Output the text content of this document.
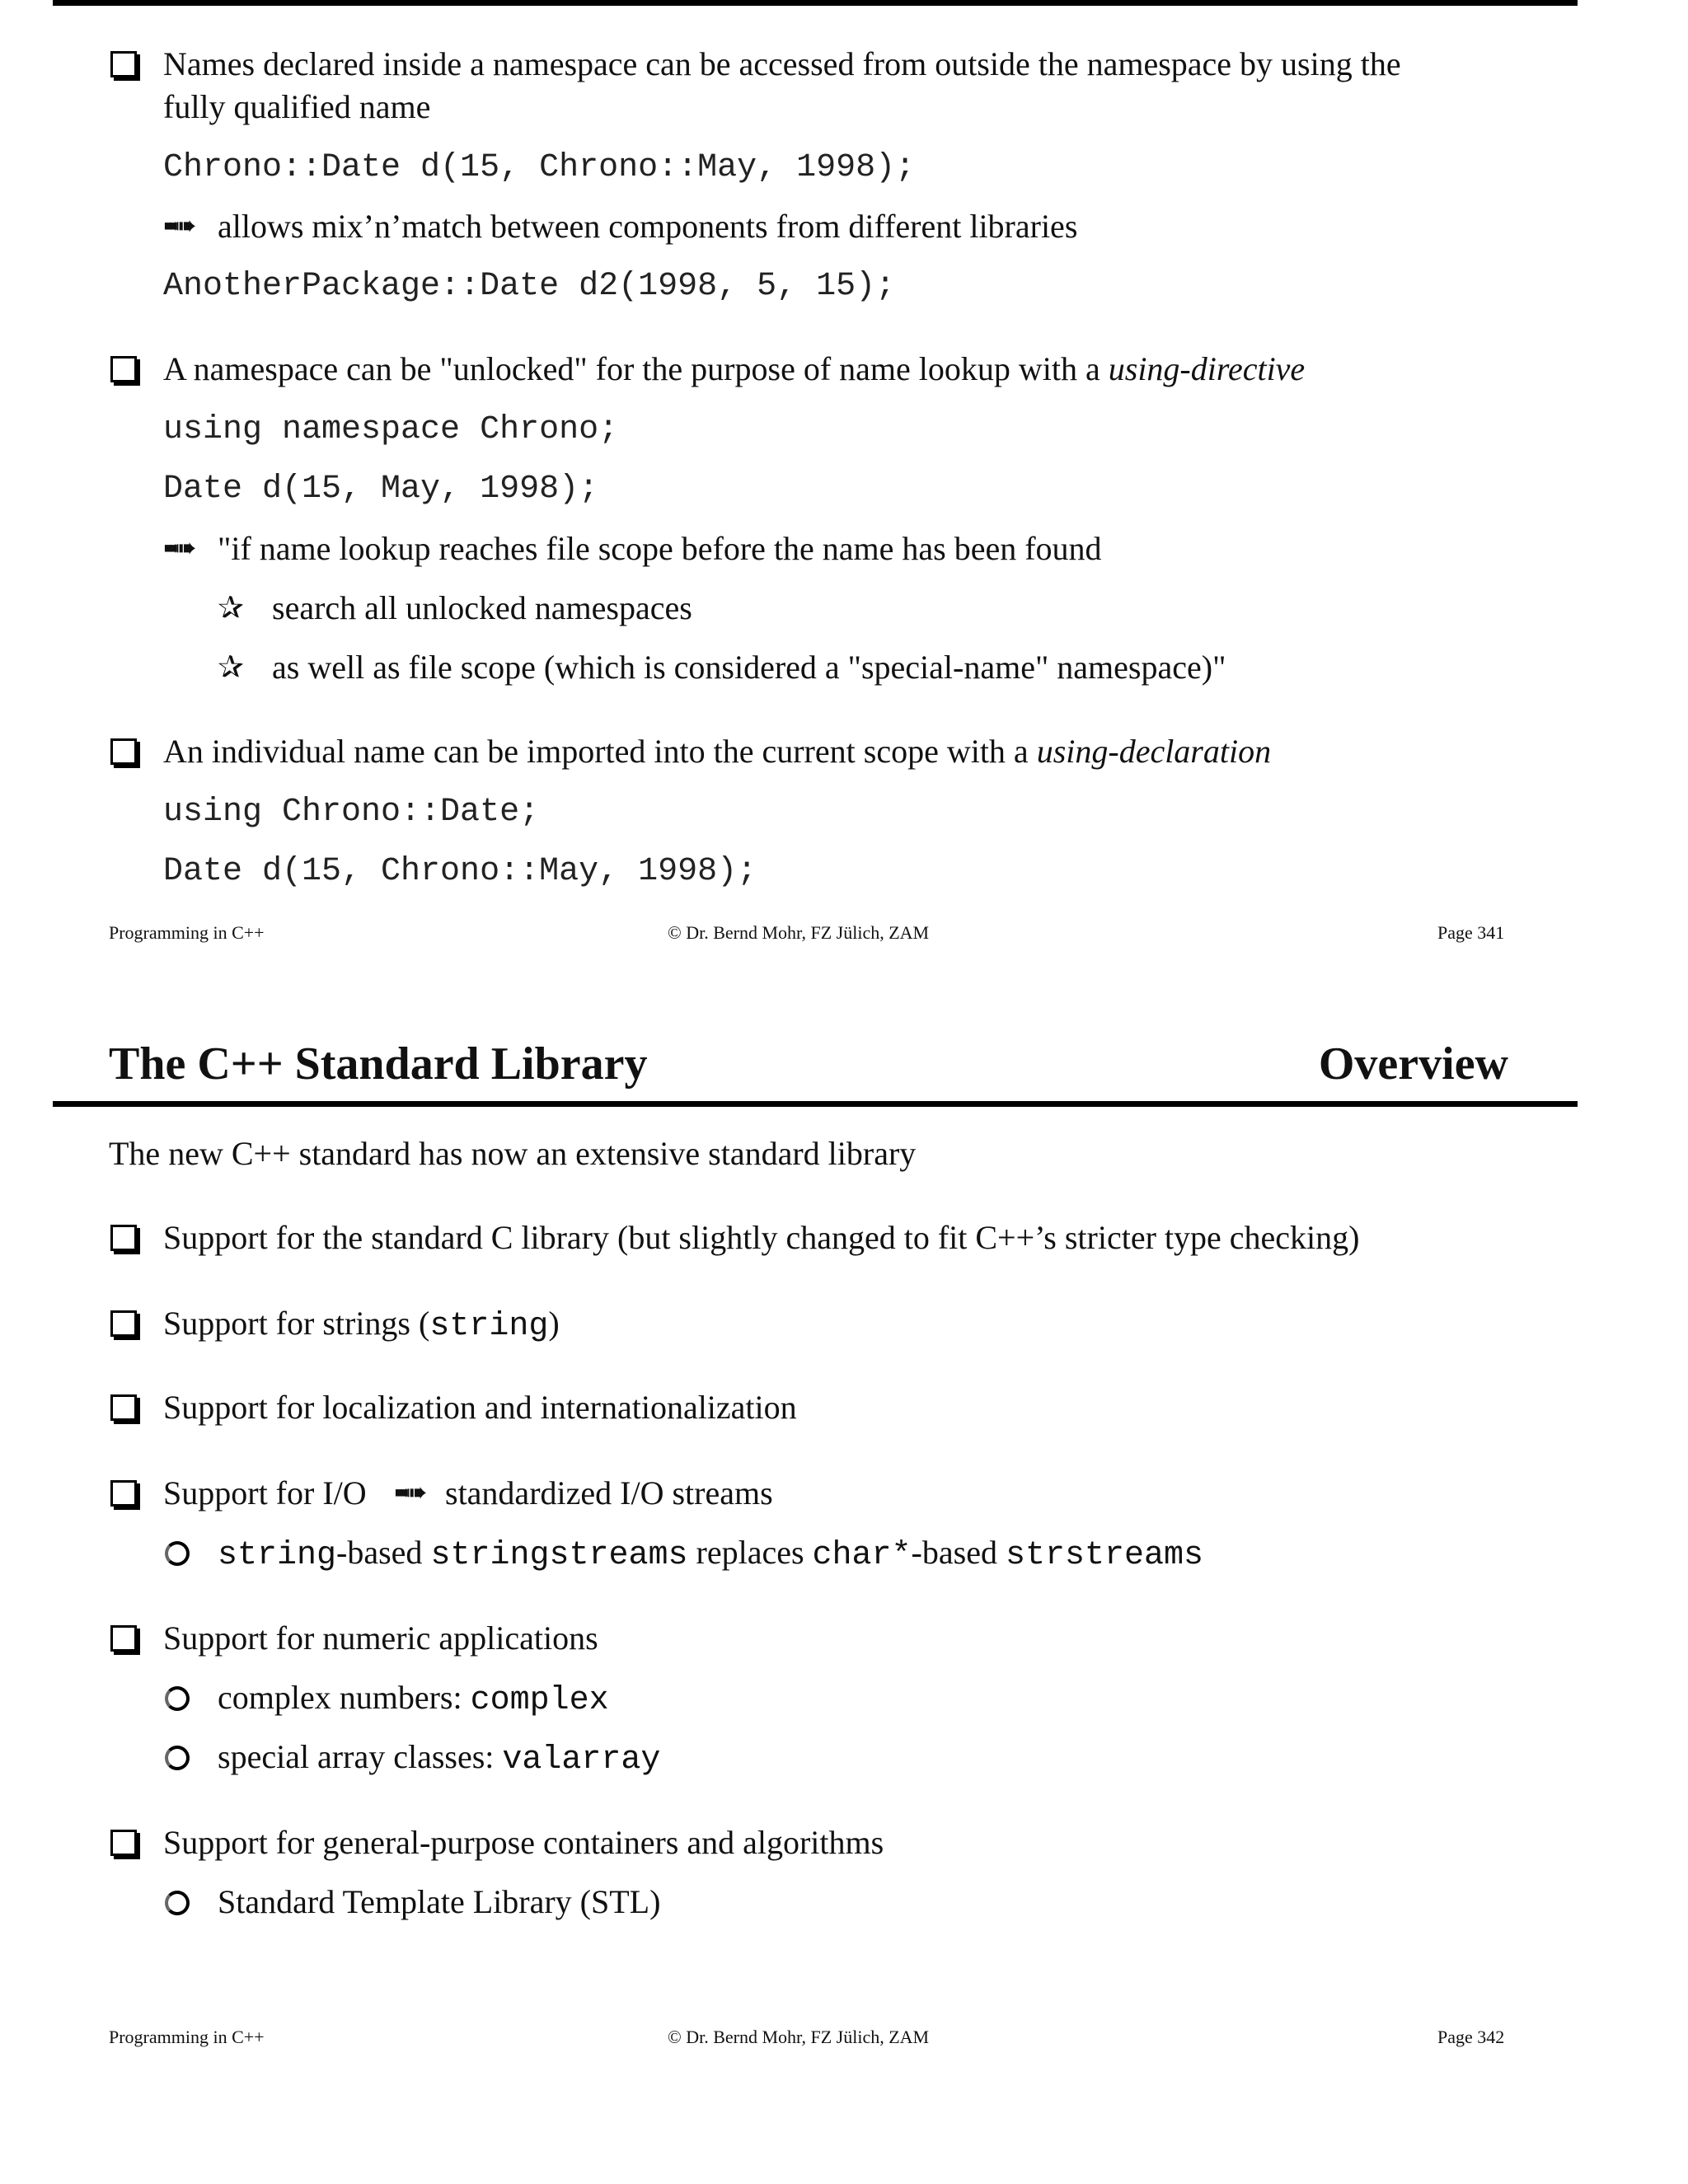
Names declared inside a namespace can be accessed from outside the namespace by using the
fully qualified name
Chrono::Date d(15, Chrono::May, 1998);
▪▪➠ allows mix’n’match between components from different libraries
AnotherPackage::Date d2(1998, 5, 15);
A namespace can be "unlocked" for the purpose of name lookup with a using-directive
using namespace Chrono;
Date d(15, May, 1998);
▪▪➠ "if name lookup reaches file scope before the name has been found
✰ search all unlocked namespaces
✰ as well as file scope (which is considered a "special-name" namespace)"
An individual name can be imported into the current scope with a using-declaration
using Chrono::Date;
Date d(15, Chrono::May, 1998);
Programming in C++	© Dr. Bernd Mohr, FZ Jülich, ZAM	Page 341
The C++ Standard Library	Overview
The new C++ standard has now an extensive standard library
Support for the standard C library (but slightly changed to fit C++’s stricter type checking)
Support for strings (string)
Support for localization and internationalization
Support for I/O ▪▪➠ standardized I/O streams
string-based stringstreams replaces char*-based strstreams
Support for numeric applications
complex numbers: complex
special array classes: valarray
Support for general-purpose containers and algorithms
Standard Template Library (STL)
Programming in C++	© Dr. Bernd Mohr, FZ Jülich, ZAM	Page 342
